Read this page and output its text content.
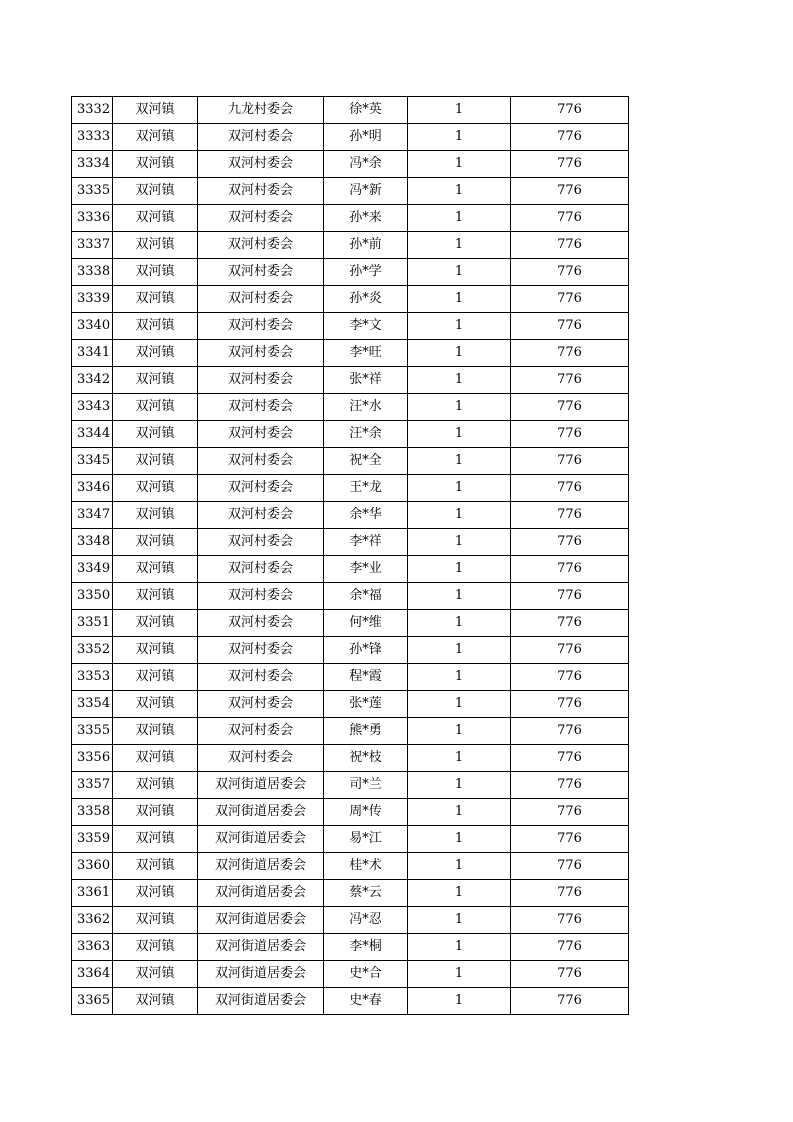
3332	双河镇	九龙村委会	徐*英	1	776
3333	双河镇	双河村委会	孙*明	1	776
3334	双河镇	双河村委会	冯*余	1	776
3335	双河镇	双河村委会	冯*新	1	776
3336	双河镇	双河村委会	孙*来	1	776
3337	双河镇	双河村委会	孙*前	1	776
3338	双河镇	双河村委会	孙*学	1	776
3339	双河镇	双河村委会	孙*炎	1	776
3340	双河镇	双河村委会	李*文	1	776
3341	双河镇	双河村委会	李*旺	1	776
3342	双河镇	双河村委会	张*祥	1	776
3343	双河镇	双河村委会	汪*水	1	776
3344	双河镇	双河村委会	汪*余	1	776
3345	双河镇	双河村委会	祝*全	1	776
3346	双河镇	双河村委会	王*龙	1	776
3347	双河镇	双河村委会	余*华	1	776
3348	双河镇	双河村委会	李*祥	1	776
3349	双河镇	双河村委会	李*业	1	776
3350	双河镇	双河村委会	余*福	1	776
3351	双河镇	双河村委会	何*维	1	776
3352	双河镇	双河村委会	孙*锋	1	776
3353	双河镇	双河村委会	程*霞	1	776
3354	双河镇	双河村委会	张*莲	1	776
3355	双河镇	双河村委会	熊*勇	1	776
3356	双河镇	双河村委会	祝*枝	1	776
3357	双河镇	双河街道居委会	司*兰	1	776
3358	双河镇	双河街道居委会	周*传	1	776
3359	双河镇	双河街道居委会	易*江	1	776
3360	双河镇	双河街道居委会	桂*术	1	776
3361	双河镇	双河街道居委会	蔡*云	1	776
3362	双河镇	双河街道居委会	冯*忍	1	776
3363	双河镇	双河街道居委会	李*桐	1	776
3364	双河镇	双河街道居委会	史*合	1	776
3365	双河镇	双河街道居委会	史*春	1	776
